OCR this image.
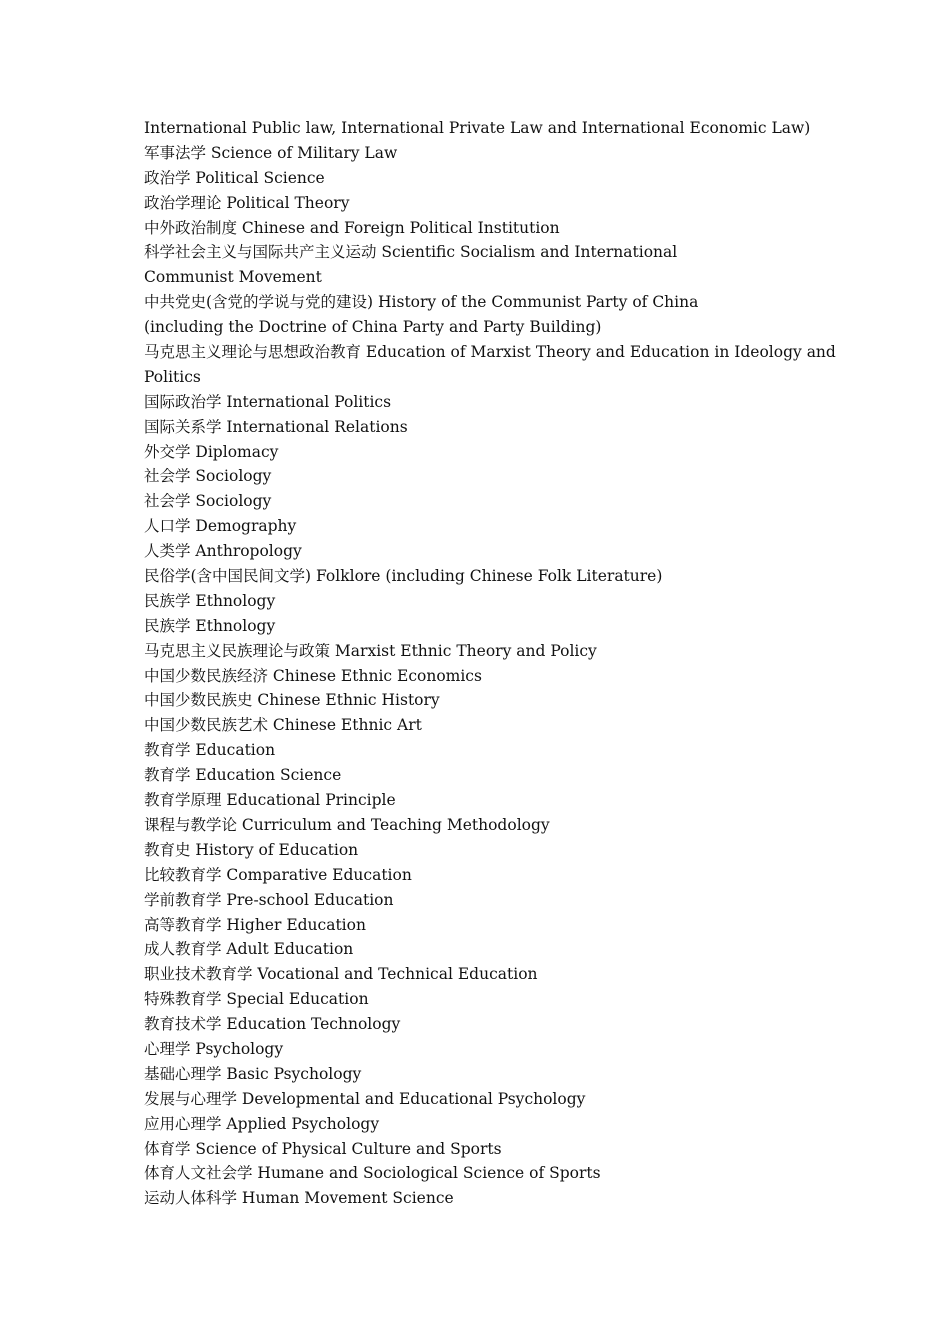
International Public law, International Private Law and International Economic Law)
军事法学 Science of Military Law
政治学 Political Science
政治学理论 Political Theory
中外政治制度 Chinese and Foreign Political Institution
科学社会主义与国际共产主义运动 Scientific Socialism and International
Communist Movement
中共党史(含党的学说与党的建设) History of the Communist Party of China
(including the Doctrine of China Party and Party Building)
马克思主义理论与思想政治教育 Education of Marxist Theory and Education in Ideology and
Politics
国际政治学 International Politics
国际关系学 International Relations
外交学 Diplomacy
社会学 Sociology
社会学 Sociology
人口学 Demography
人类学 Anthropology
民俗学(含中国民间文学) Folklore (including Chinese Folk Literature)
民族学 Ethnology
民族学 Ethnology
马克思主义民族理论与政策 Marxist Ethnic Theory and Policy
中国少数民族经济 Chinese Ethnic Economics
中国少数民族史 Chinese Ethnic History
中国少数民族艺术 Chinese Ethnic Art
教育学 Education
教育学 Education Science
教育学原理 Educational Principle
课程与教学论 Curriculum and Teaching Methodology
教育史 History of Education
比较教育学 Comparative Education
学前教育学 Pre-school Education
高等教育学 Higher Education
成人教育学 Adult Education
职业技术教育学 Vocational and Technical Education
特殊教育学 Special Education
教育技术学 Education Technology
心理学 Psychology
基础心理学 Basic Psychology
发展与心理学 Developmental and Educational Psychology
应用心理学 Applied Psychology
体育学 Science of Physical Culture and Sports
体育人文社会学 Humane and Sociological Science of Sports
运动人体科学 Human Movement Science
